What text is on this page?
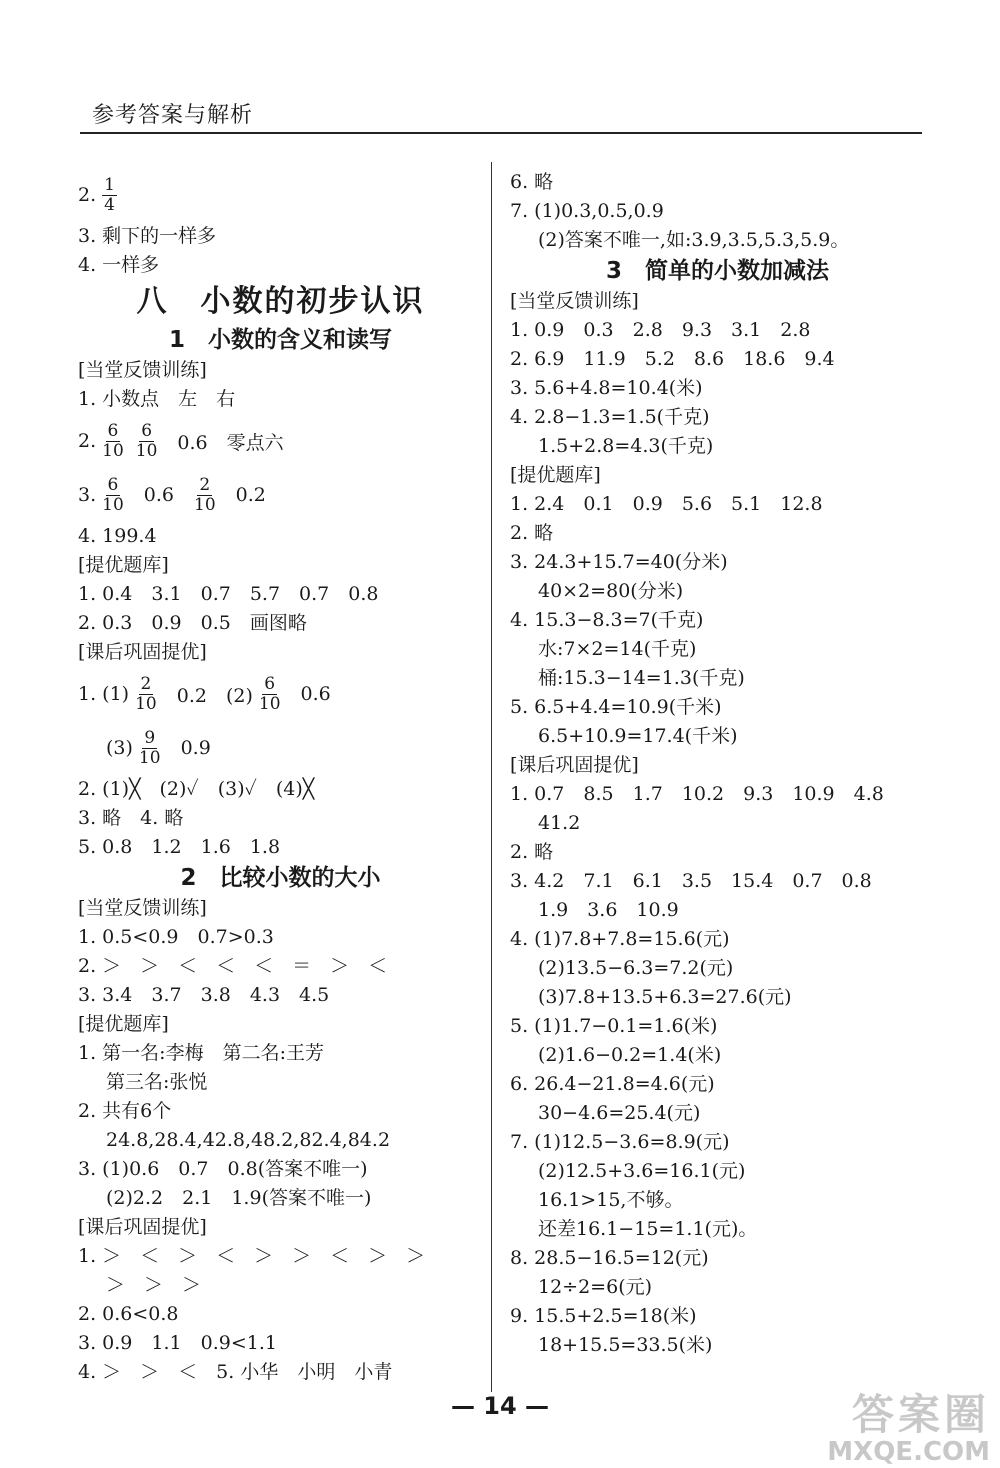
参考答案与解析
2. $\frac{1}{4}$
3. 剩下的一样多
4. 一样多
八　小数的初步认识
1　小数的含义和读写
[当堂反馈训练]
1. 小数点　左　右
2. $\frac{6}{10} \frac{6}{10} 0.6$　零点六
3. $\frac{6}{10} 0.6 \frac{2}{10} 0.2$
4. 199.4
[提优题库]
1. 0.4　3.1　0.7　5.7　0.7　0.8
2. 0.3　0.9　0.5　画图略
[课后巩固提优]
1. $(1) \frac{2}{10} 0.2$　$(2) \frac{6}{10} 0.6$
$(3) \frac{9}{10} 0.9$
2. (1)╳　(2)✓　(3)✓　(4)╳
3. 略　4. 略
5. 0.8　1.2　1.6　1.8
2　比较小数的大小
[当堂反馈训练]
1. 0.5<0.9　0.7>0.3
2. ＞　＞　＜　＜　＜　＝　＞　＜
3. 3.4　3.7　3.8　4.3　4.5
[提优题库]
1. 第一名:李梅　第二名:王芳
第三名:张悦
2. 共有6个
24.8,28.4,42.8,48.2,82.4,84.2
3. (1)0.6　0.7　0.8(答案不唯一)
(2)2.2　2.1　1.9(答案不唯一)
[课后巩固提优]
1. ＞　＜　＞　＜　＞　＞　＜　＞　＞
＞　＞　＞
2. 0.6<0.8
3. 0.9　1.1　0.9<1.1
4. ＞　＞　＜　5. 小华　小明　小青
6. 略
7. (1)0.3,0.5,0.9
(2)答案不唯一,如:3.9,3.5,5.3,5.9。
3　简单的小数加减法
[当堂反馈训练]
1. 0.9　0.3　2.8　9.3　3.1　2.8
2. 6.9　11.9　5.2　8.6　18.6　9.4
3. 5.6+4.8=10.4(米)
4. 2.8−1.3=1.5(千克)
1.5+2.8=4.3(千克)
[提优题库]
1. 2.4　0.1　0.9　5.6　5.1　12.8
2. 略
3. 24.3+15.7=40(分米)
40×2=80(分米)
4. 15.3−8.3=7(千克)
水:7×2=14(千克)
桶:15.3−14=1.3(千克)
5. 6.5+4.4=10.9(千米)
6.5+10.9=17.4(千米)
[课后巩固提优]
1. 0.7　8.5　1.7　10.2　9.3　10.9　4.8
41.2
2. 略
3. 4.2　7.1　6.1　3.5　15.4　0.7　0.8
1.9　3.6　10.9
4. (1)7.8+7.8=15.6(元)
(2)13.5−6.3=7.2(元)
(3)7.8+13.5+6.3=27.6(元)
5. (1)1.7−0.1=1.6(米)
(2)1.6−0.2=1.4(米)
6. 26.4−21.8=4.6(元)
30−4.6=25.4(元)
7. (1)12.5−3.6=8.9(元)
(2)12.5+3.6=16.1(元)
16.1>15,不够。
还差16.1−15=1.1(元)。
8. 28.5−16.5=12(元)
12÷2=6(元)
9. 15.5+2.5=18(米)
18+15.5=33.5(米)
— 14 —	答案圈
MXQE.COM
